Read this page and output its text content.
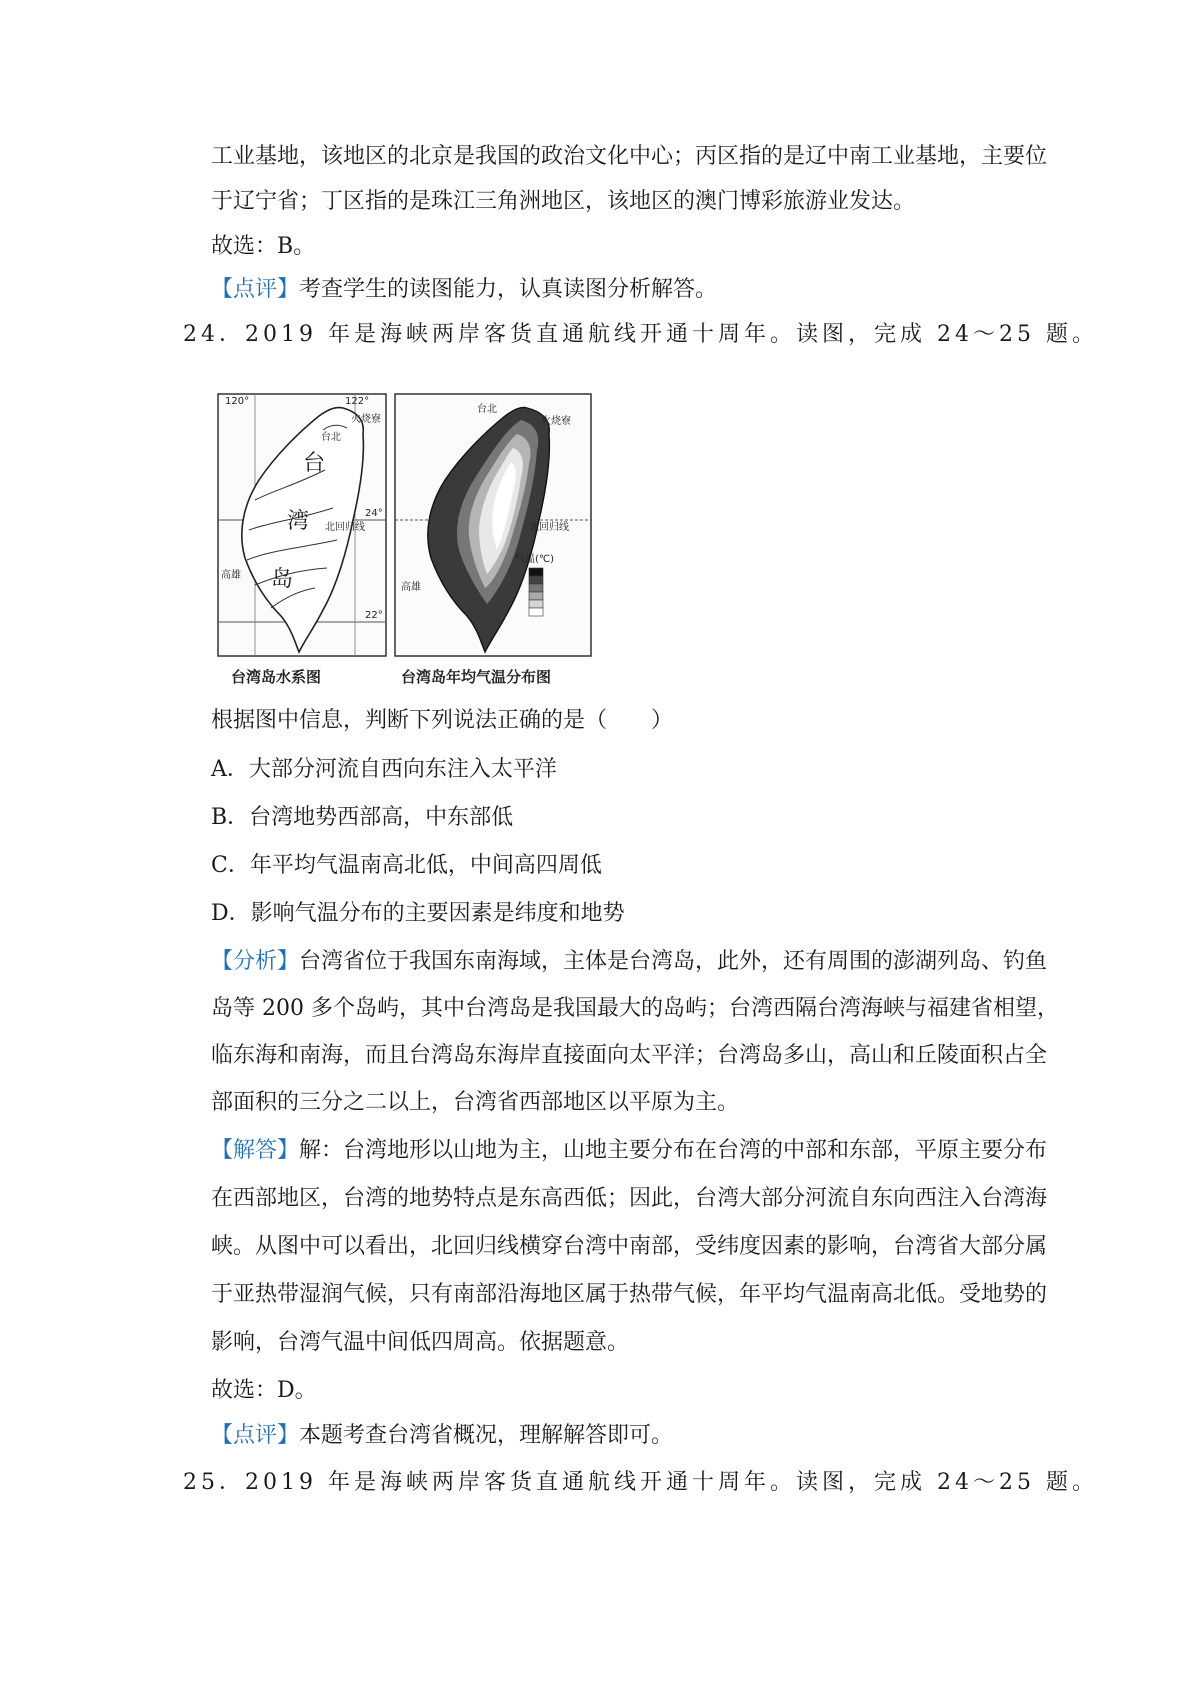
工业基地，该地区的北京是我国的政治文化中心；丙区指的是辽中南工业基地，主要位
于辽宁省；丁区指的是珠江三角洲地区，该地区的澳门博彩旅游业发达。
故选：B。
【点评】考查学生的读图能力，认真读图分析解答。
24．2019 年是海峡两岸客货直通航线开通十周年。读图，完成 24～25 题。
120°	122°
24°
22°
台北
火烧寮
北回归线
高雄
台
湾
岛
气温(℃)
台北
火烧寮
北回归线
高雄
台湾岛水系图	台湾岛年均气温分布图
根据图中信息，判断下列说法正确的是（　　）
A．大部分河流自西向东注入太平洋
B．台湾地势西部高，中东部低
C．年平均气温南高北低，中间高四周低
D．影响气温分布的主要因素是纬度和地势
【分析】台湾省位于我国东南海域，主体是台湾岛，此外，还有周围的澎湖列岛、钓鱼
岛等 200 多个岛屿，其中台湾岛是我国最大的岛屿；台湾西隔台湾海峡与福建省相望，
临东海和南海，而且台湾岛东海岸直接面向太平洋；台湾岛多山，高山和丘陵面积占全
部面积的三分之二以上，台湾省西部地区以平原为主。
【解答】解：台湾地形以山地为主，山地主要分布在台湾的中部和东部，平原主要分布
在西部地区，台湾的地势特点是东高西低；因此，台湾大部分河流自东向西注入台湾海
峡。从图中可以看出，北回归线横穿台湾中南部，受纬度因素的影响，台湾省大部分属
于亚热带湿润气候，只有南部沿海地区属于热带气候，年平均气温南高北低。受地势的
影响，台湾气温中间低四周高。依据题意。
故选：D。
【点评】本题考查台湾省概况，理解解答即可。
25．2019 年是海峡两岸客货直通航线开通十周年。读图，完成 24～25 题。
